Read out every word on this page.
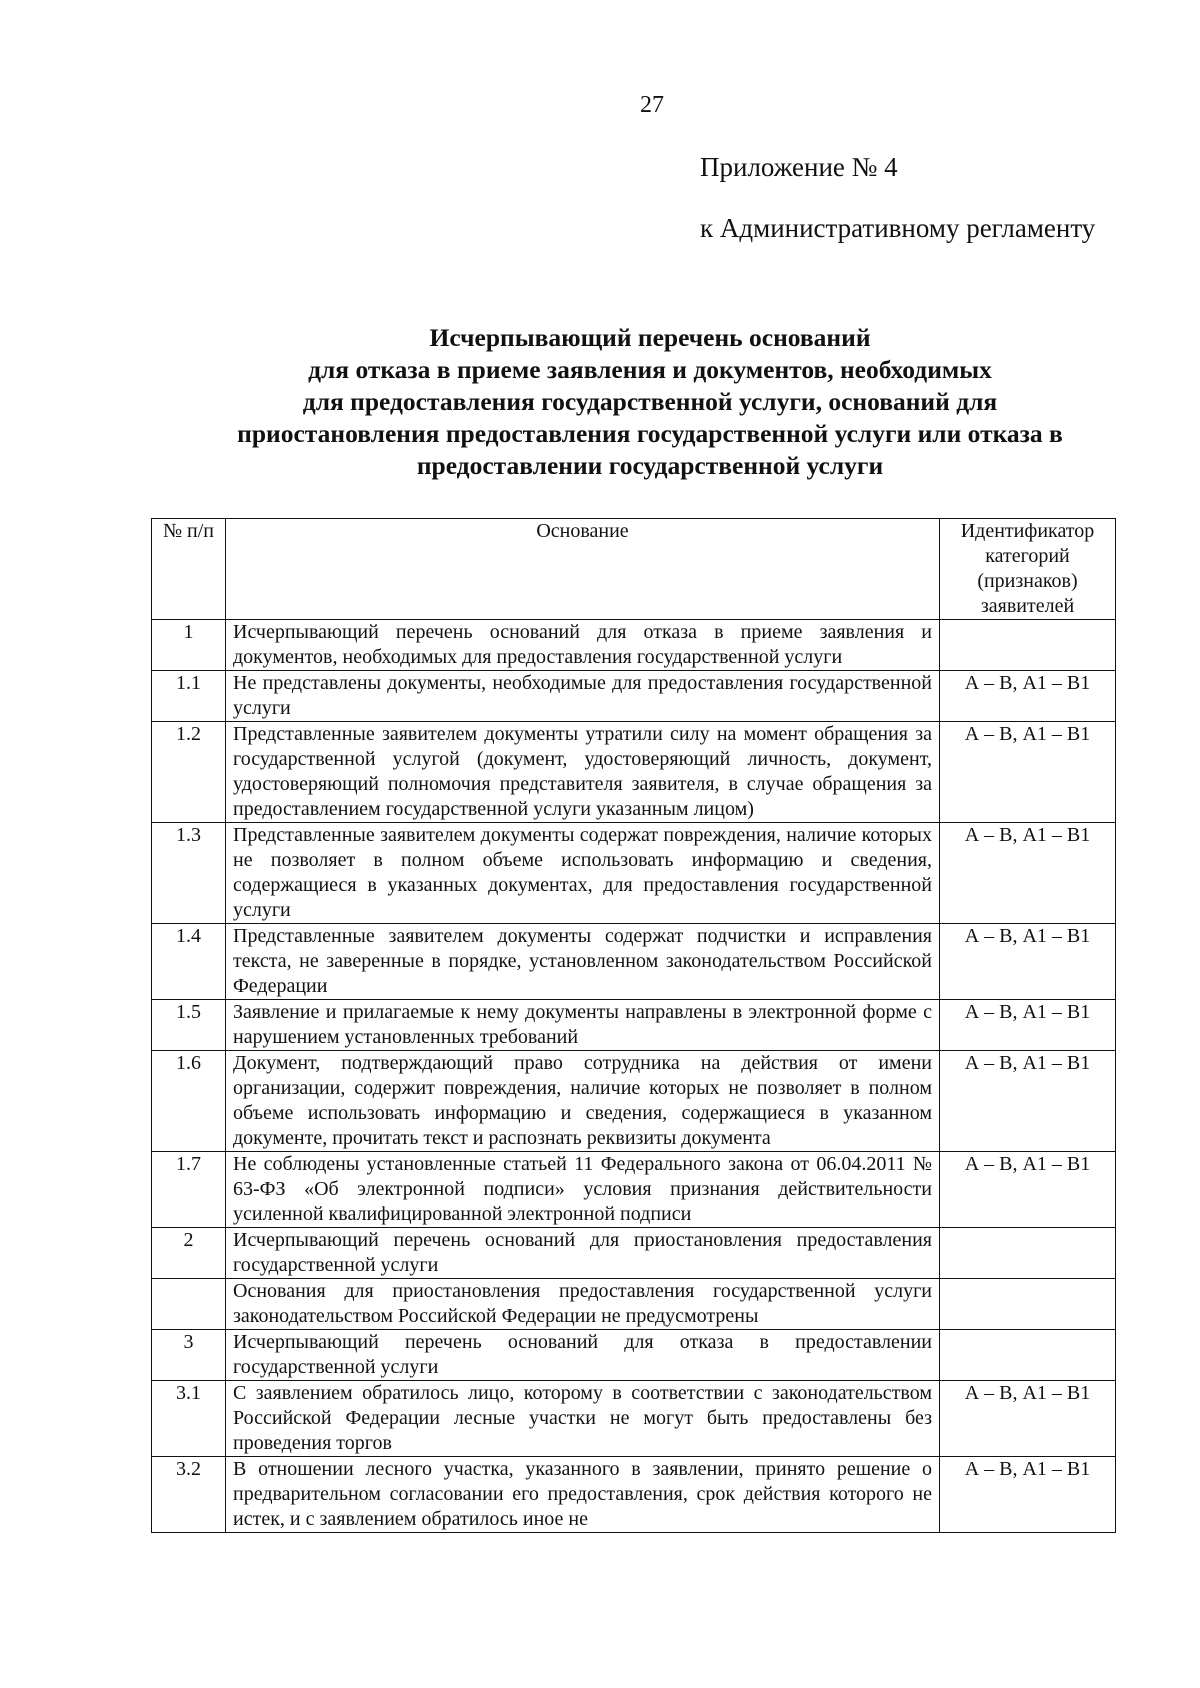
27
Приложение № 4
к Административному регламенту
Исчерпывающий перечень оснований
для отказа в приеме заявления и документов, необходимых
для предоставления государственной услуги, оснований для
приостановления предоставления государственной услуги или отказа в
предоставлении государственной услуги
№ п/п	Основание	Идентификатор категорий (признаков) заявителей
1	Исчерпывающий перечень оснований для отказа в приеме заявления и документов, необходимых для предоставления государственной услуги	
1.1	Не представлены документы, необходимые для предоставления государственной услуги	А – В, А1 – В1
1.2	Представленные заявителем документы утратили силу на момент обращения за государственной услугой (документ, удостоверяющий личность, документ, удостоверяющий полномочия представителя заявителя, в случае обращения за предоставлением государственной услуги указанным лицом)	А – В, А1 – В1
1.3	Представленные заявителем документы содержат повреждения, наличие которых не позволяет в полном объеме использовать информацию и сведения, содержащиеся в указанных документах, для предоставления государственной услуги	А – В, А1 – В1
1.4	Представленные заявителем документы содержат подчистки и исправления текста, не заверенные в порядке, установленном законодательством Российской Федерации	А – В, А1 – В1
1.5	Заявление и прилагаемые к нему документы направлены в электронной форме с нарушением установленных требований	А – В, А1 – В1
1.6	Документ, подтверждающий право сотрудника на действия от имени организации, содержит повреждения, наличие которых не позволяет в полном объеме использовать информацию и сведения, содержащиеся в указанном документе, прочитать текст и распознать реквизиты документа	А – В, А1 – В1
1.7	Не соблюдены установленные статьей 11 Федерального закона от 06.04.2011 № 63-ФЗ «Об электронной подписи» условия признания действительности усиленной квалифицированной электронной подписи	А – В, А1 – В1
2	Исчерпывающий перечень оснований для приостановления предоставления государственной услуги	
	Основания для приостановления предоставления государственной услуги законодательством Российской Федерации не предусмотрены	
3	Исчерпывающий перечень оснований для отказа в предоставлении государственной услуги	
3.1	С заявлением обратилось лицо, которому в соответствии с законодательством Российской Федерации лесные участки не могут быть предоставлены без проведения торгов	А – В, А1 – В1
3.2	В отношении лесного участка, указанного в заявлении, принято решение о предварительном согласовании его предоставления, срок действия которого не истек, и с заявлением обратилось иное не	А – В, А1 – В1
